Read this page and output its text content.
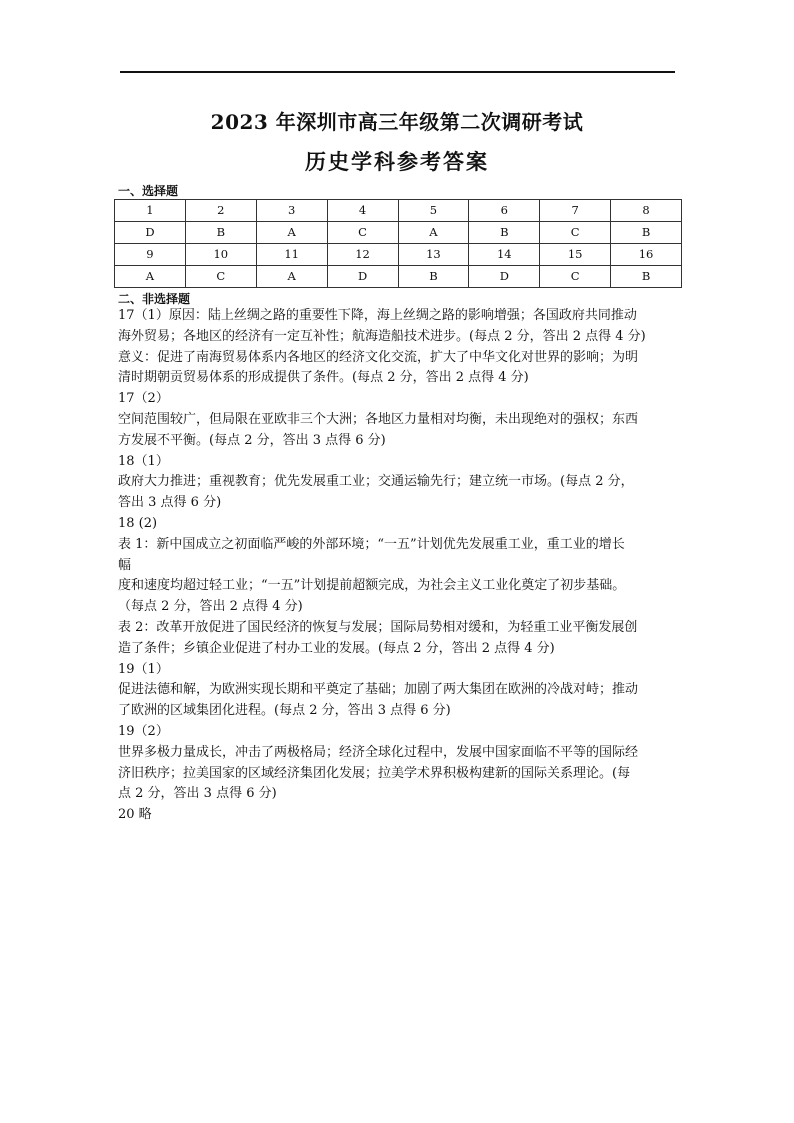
2023 年深圳市高三年级第二次调研考试
历史学科参考答案
一、选择题
1	2	3	4	5	6	7	8
D	B	A	C	A	B	C	B
9	10	11	12	13	14	15	16
A	C	A	D	B	D	C	B
二、非选择题

17（1）原因：陆上丝绸之路的重要性下降，海上丝绸之路的影响增强；各国政府共同推动

海外贸易；各地区的经济有一定互补性；航海造船技术进步。(每点 2 分，答出 2 点得 4 分)

意义：促进了南海贸易体系内各地区的经济文化交流，扩大了中华文化对世界的影响；为明

清时期朝贡贸易体系的形成提供了条件。(每点 2 分，答出 2 点得 4 分)

17（2）

空间范围较广，但局限在亚欧非三个大洲；各地区力量相对均衡，未出现绝对的强权；东西

方发展不平衡。(每点 2 分，答出 3 点得 6 分)

18（1）

政府大力推进；重视教育；优先发展重工业；交通运输先行；建立统一市场。(每点 2 分，

答出 3 点得 6 分)

18 (2)

表 1：新中国成立之初面临严峻的外部环境；“一五”计划优先发展重工业，重工业的增长

幅

度和速度均超过轻工业；“一五”计划提前超额完成，为社会主义工业化奠定了初步基础。

（每点 2 分，答出 2 点得 4 分)

表 2：改革开放促进了国民经济的恢复与发展；国际局势相对缓和，为轻重工业平衡发展创

造了条件；乡镇企业促进了村办工业的发展。(每点 2 分，答出 2 点得 4 分)

19（1）

促进法德和解，为欧洲实现长期和平奠定了基础；加剧了两大集团在欧洲的冷战对峙；推动

了欧洲的区域集团化进程。(每点 2 分，答出 3 点得 6 分)

19（2）

世界多极力量成长，冲击了两极格局；经济全球化过程中，发展中国家面临不平等的国际经

济旧秩序；拉美国家的区域经济集团化发展；拉美学术界积极构建新的国际关系理论。(每

点 2 分，答出 3 点得 6 分)

20 略
